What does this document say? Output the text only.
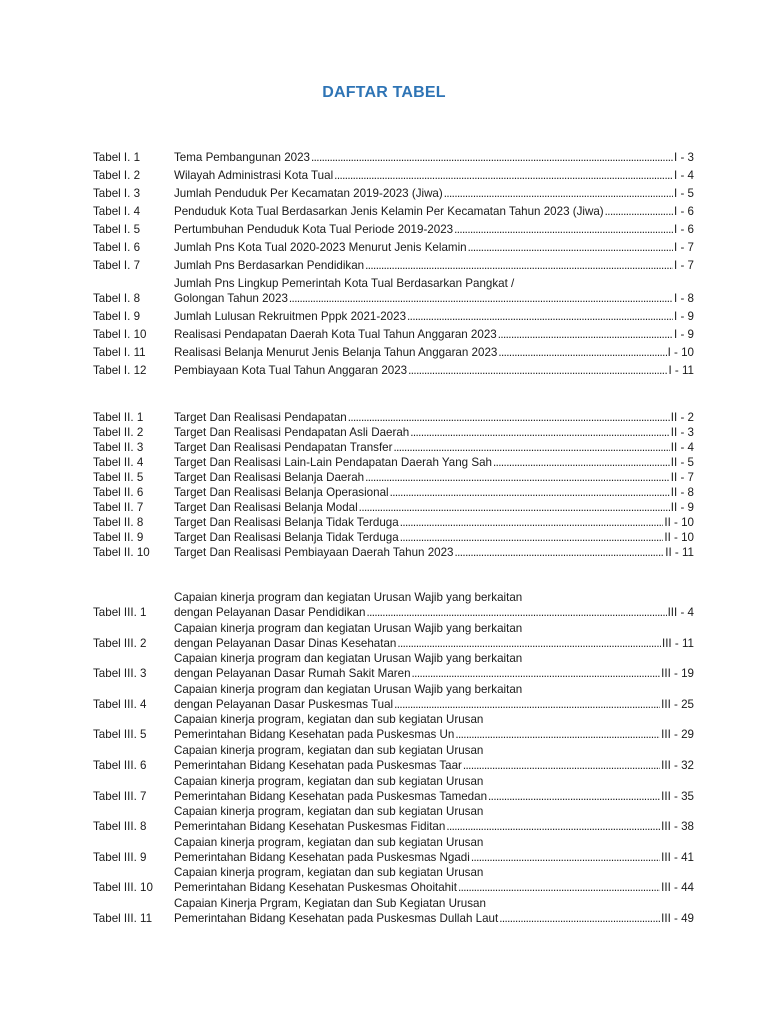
DAFTAR TABEL
Tabel I. 1	Tema Pembangunan 2023 . . .	I - 3
Tabel I. 2	Wilayah Administrasi Kota Tual . . .	I - 4
Tabel I. 3	Jumlah Penduduk Per Kecamatan 2019-2023 (Jiwa) . . .	I - 5
Tabel I. 4	Penduduk Kota Tual Berdasarkan Jenis Kelamin Per Kecamatan Tahun 2023 (Jiwa) . . .	I - 6
Tabel I. 5	Pertumbuhan Penduduk Kota Tual Periode 2019-2023 . . .	I - 6
Tabel I. 6	Jumlah Pns Kota Tual 2020-2023 Menurut Jenis Kelamin . . .	I - 7
Tabel I. 7	Jumlah Pns Berdasarkan Pendidikan . . .	I - 7
Tabel I. 8
Jumlah Pns Lingkup Pemerintah Kota Tual Berdasarkan Pangkat /
Golongan Tahun 2023 . . .	I - 8
Tabel I. 9	Jumlah Lulusan Rekruitmen Pppk 2021-2023 . . .	I - 9
Tabel I. 10	Realisasi Pendapatan Daerah Kota Tual Tahun Anggaran 2023 . . .	I - 9
Tabel I. 11	Realisasi Belanja Menurut Jenis Belanja Tahun Anggaran 2023 . . .	I - 10
Tabel I. 12	Pembiayaan Kota Tual Tahun Anggaran 2023 . . .	I - 11
Tabel II. 1	Target Dan Realisasi Pendapatan . . .	II - 2
Tabel II. 2	Target Dan Realisasi Pendapatan Asli Daerah . . .	II - 3
Tabel II. 3	Target Dan Realisasi Pendapatan Transfer . . .	II - 4
Tabel II. 4	Target Dan Realisasi Lain-Lain Pendapatan Daerah Yang Sah . . .	II - 5
Tabel II. 5	Target Dan Realisasi Belanja Daerah . . .	II - 7
Tabel II. 6	Target Dan Realisasi Belanja Operasional . . .	II - 8
Tabel II. 7	Target Dan Realisasi Belanja Modal . . .	II - 9
Tabel II. 8	Target Dan Realisasi Belanja Tidak Terduga . . .	II - 10
Tabel II. 9	Target Dan Realisasi Belanja Tidak Terduga . . .	II - 10
Tabel II. 10	Target Dan Realisasi Pembiayaan Daerah Tahun 2023 . . .	II - 11
Tabel III. 1
Capaian kinerja program dan kegiatan Urusan Wajib yang berkaitan
dengan Pelayanan Dasar Pendidikan . . .	III - 4
Tabel III. 2
Capaian kinerja program dan kegiatan Urusan Wajib yang berkaitan
dengan Pelayanan Dasar Dinas Kesehatan . . .	III - 11
Tabel III. 3
Capaian kinerja program dan kegiatan Urusan Wajib yang berkaitan
dengan Pelayanan Dasar Rumah Sakit Maren . . .	III - 19
Tabel III. 4
Capaian kinerja program dan kegiatan Urusan Wajib yang berkaitan
dengan Pelayanan Dasar Puskesmas Tual . . .	III - 25
Tabel III. 5
Capaian kinerja program, kegiatan dan sub kegiatan Urusan
Pemerintahan Bidang Kesehatan pada Puskesmas Un . . .	III - 29
Tabel III. 6
Capaian kinerja program, kegiatan dan sub kegiatan Urusan
Pemerintahan Bidang Kesehatan pada Puskesmas Taar . . .	III - 32
Tabel III. 7
Capaian kinerja program, kegiatan dan sub kegiatan Urusan
Pemerintahan Bidang Kesehatan pada Puskesmas Tamedan . . .	III - 35
Tabel III. 8
Capaian kinerja program, kegiatan dan sub kegiatan Urusan
Pemerintahan Bidang Kesehatan Puskesmas Fiditan . . .	III - 38
Tabel III. 9
Capaian kinerja program, kegiatan dan sub kegiatan Urusan
Pemerintahan Bidang Kesehatan pada Puskesmas Ngadi . . .	III - 41
Tabel III. 10
Capaian kinerja program, kegiatan dan sub kegiatan Urusan
Pemerintahan Bidang Kesehatan Puskesmas Ohoitahit . . .	III - 44
Tabel III. 11
Capaian Kinerja Prgram, Kegiatan dan Sub Kegiatan Urusan
Pemerintahan Bidang Kesehatan pada Puskesmas Dullah Laut . . .	III - 49
